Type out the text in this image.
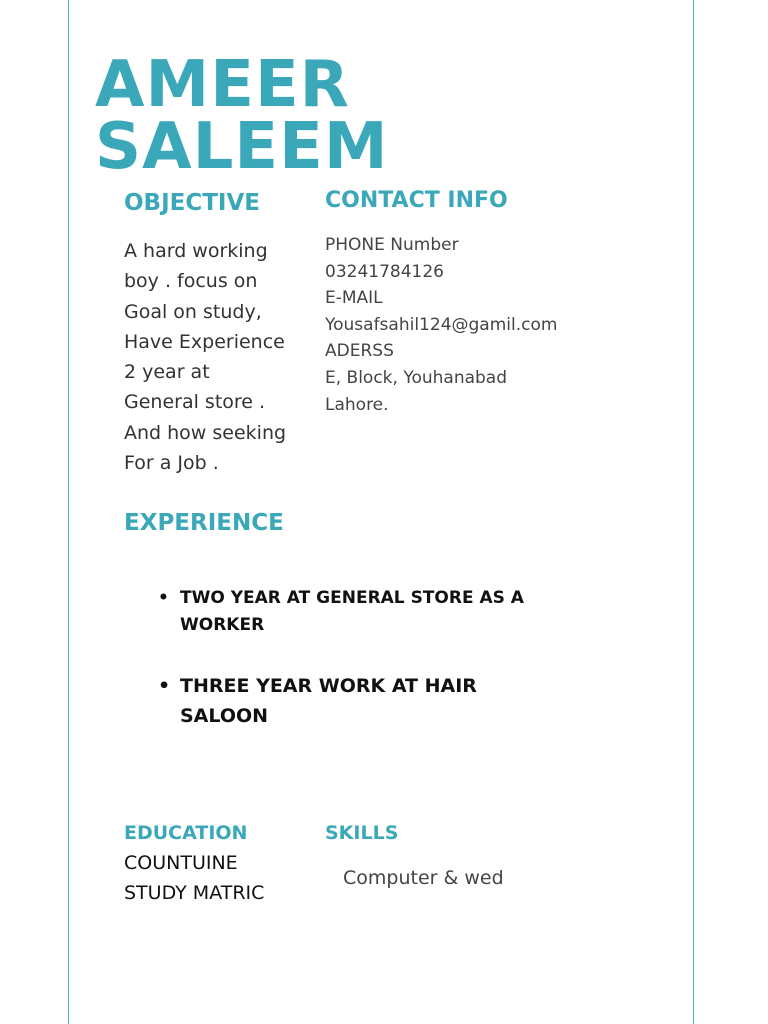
AMEER
SALEEM
OBJECTIVE

A hard working boy . focus on Goal on study, Have Experience 2 year at General store . And how seeking For a Job .

CONTACT INFO
PHONE Number
03241784126
E-MAIL
Yousafsahil124@gamil.com
ADERSS
E, Block, Youhanabad
Lahore.
EXPERIENCE
• TWO YEAR AT GENERAL STORE AS A WORKER
• THREE YEAR WORK AT HAIR SALOON
EDUCATION
COUNTUINE
STUDY MATRIC
SKILLS
Computer & wed
